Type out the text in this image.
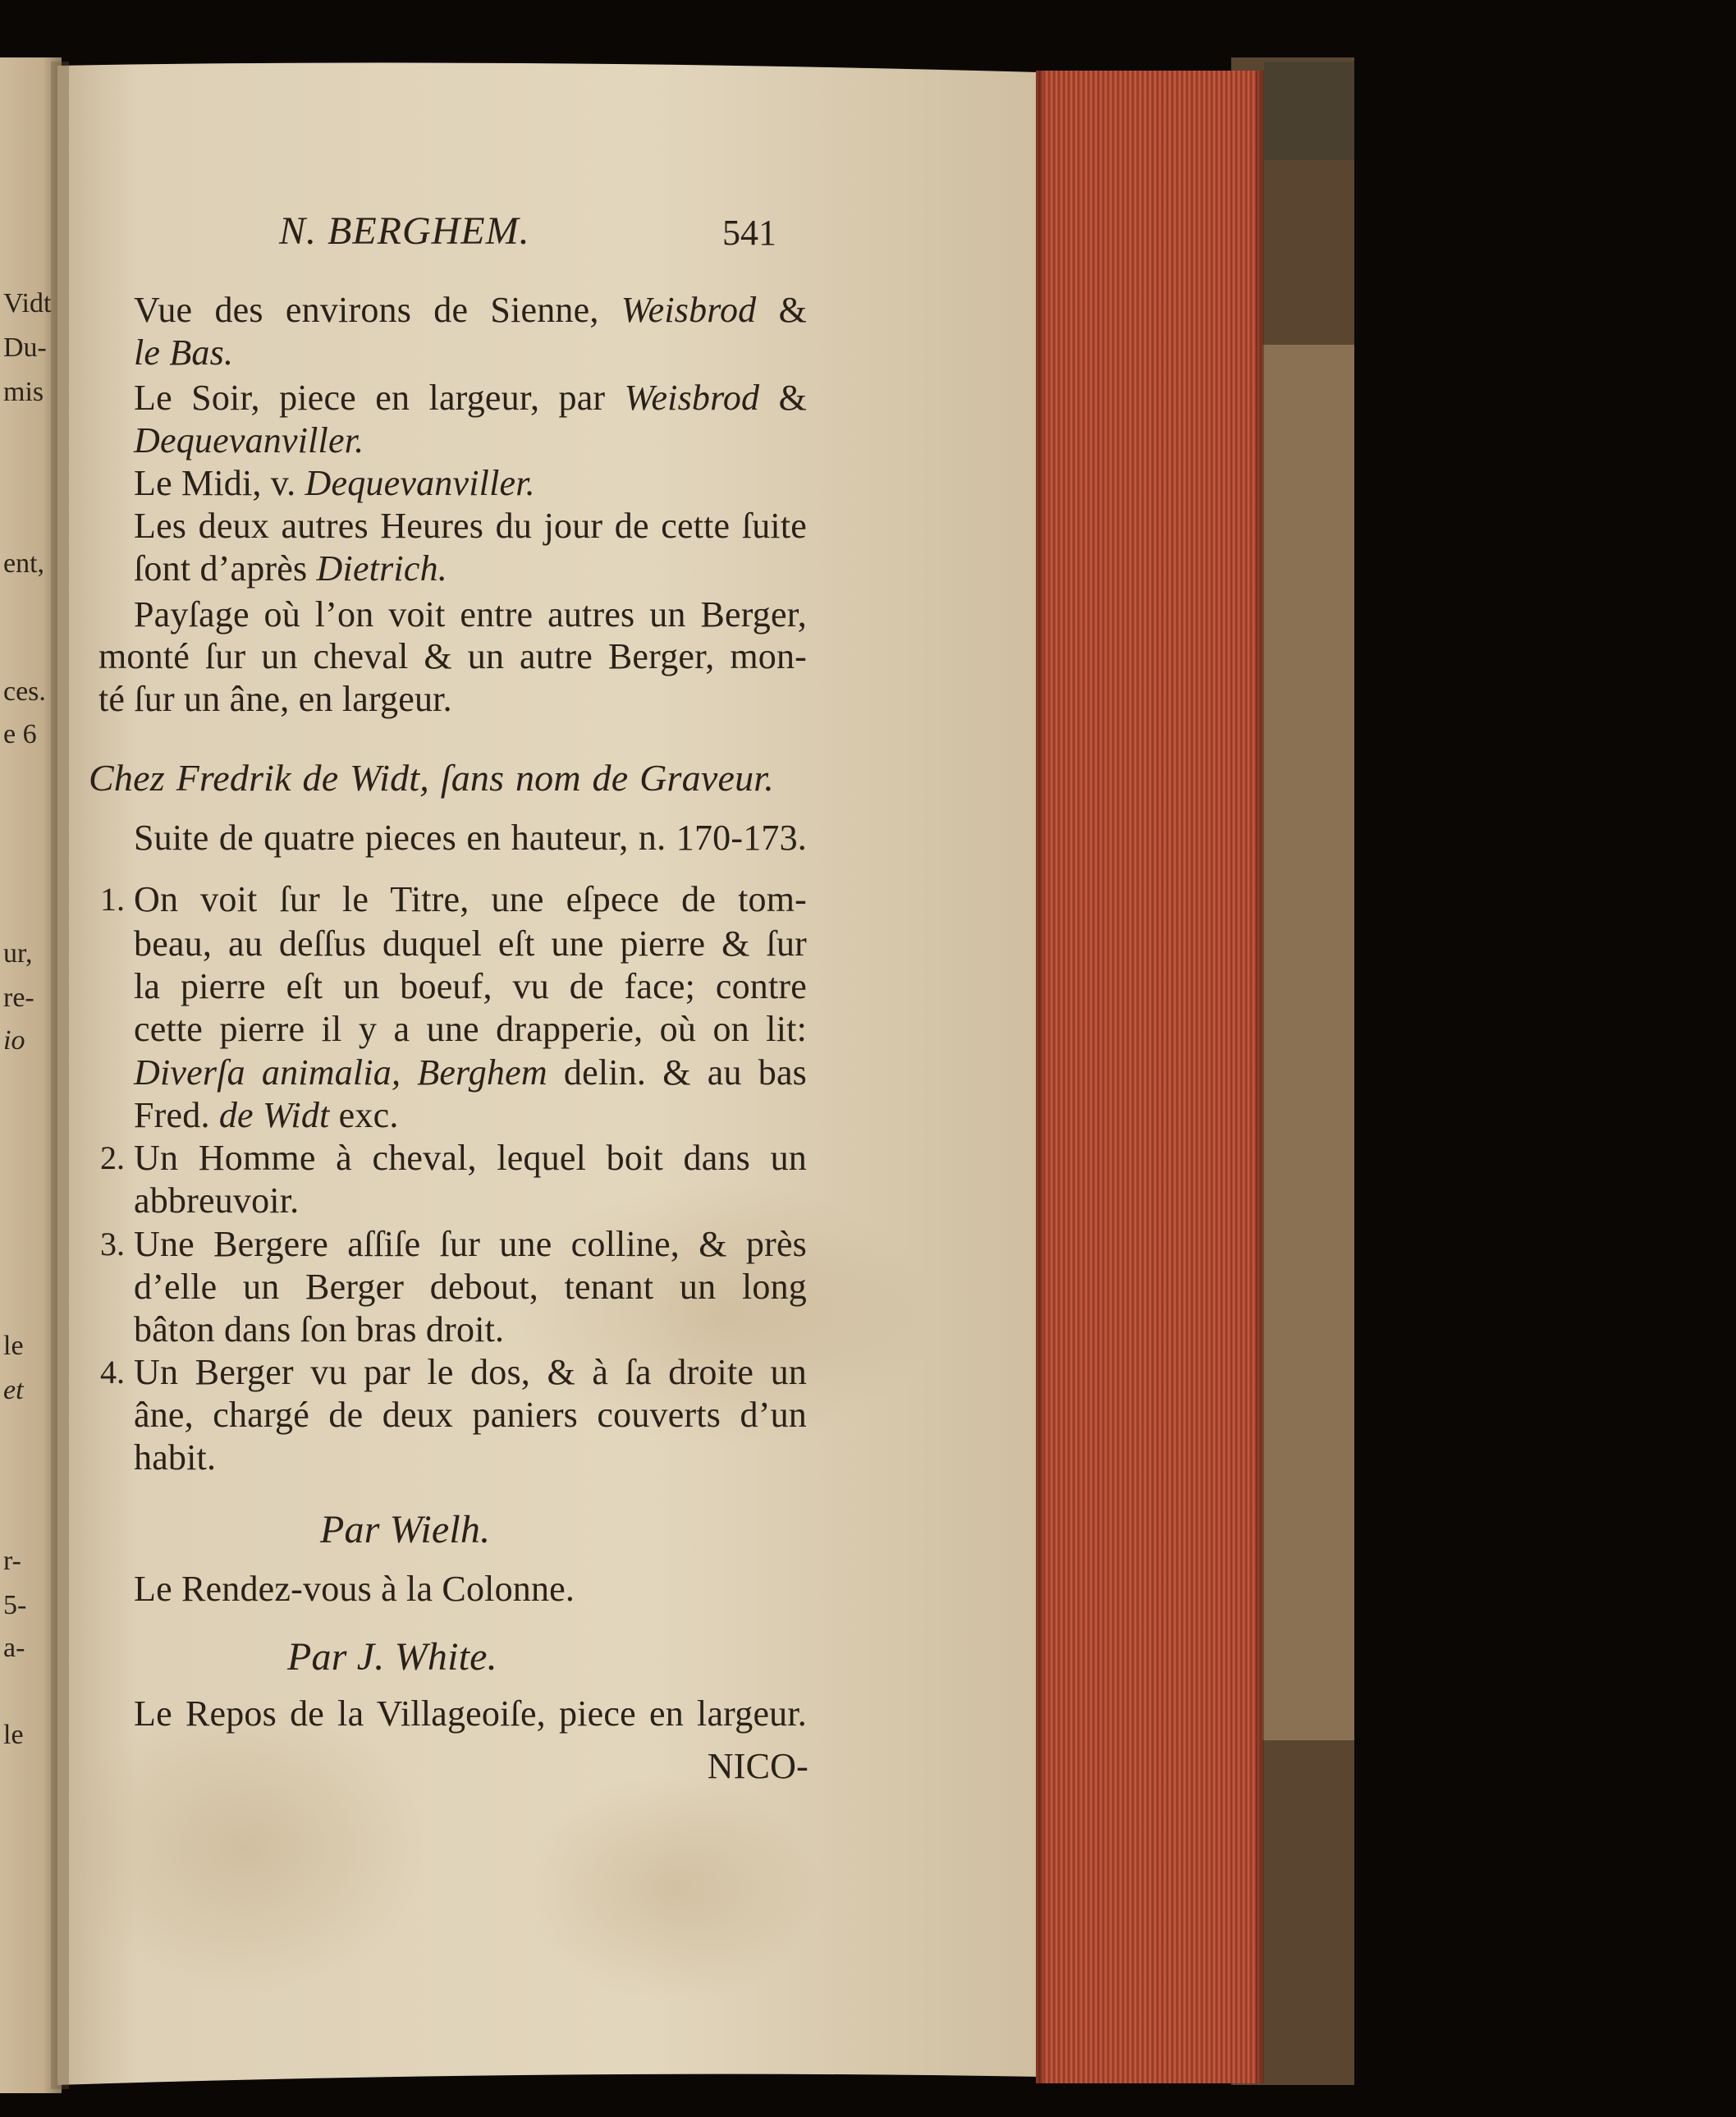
N. BERGHEM.	541
Vidt
Du-
mis
ent,
ces.
e 6
ur,
re-
io
le
et
r-
5-
a-
le
Vue des environs de Sienne, Weisbrod &
le Bas.
Le Soir, piece en largeur, par Weisbrod &
Dequevanviller.
Le Midi, v. Dequevanviller.
Les deux autres Heures du jour de cette ſuite
ſont d’après Dietrich.
Payſage où l’on voit entre autres un Berger,
monté ſur un cheval & un autre Berger, mon-
té ſur un âne, en largeur.
Chez Fredrik de Widt, ſans nom de Graveur.
Suite de quatre pieces en hauteur, n. 170-173.
1. On voit ſur le Titre, une eſpece de tom-
beau, au deſſus duquel eſt une pierre & ſur
la pierre eſt un boeuf, vu de face; contre
cette pierre il y a une drapperie, où on lit:
Diverſa animalia, Berghem delin. & au bas
Fred. de Widt exc.
2. Un Homme à cheval, lequel boit dans un
abbreuvoir.
3. Une Bergere aſſiſe ſur une colline, & près
d’elle un Berger debout, tenant un long
bâton dans ſon bras droit.
4. Un Berger vu par le dos, & à ſa droite un
âne, chargé de deux paniers couverts d’un
habit.
Par Wielh.
Le Rendez-vous à la Colonne.
Par J. White.
Le Repos de la Villageoiſe, piece en largeur.
NICO-
